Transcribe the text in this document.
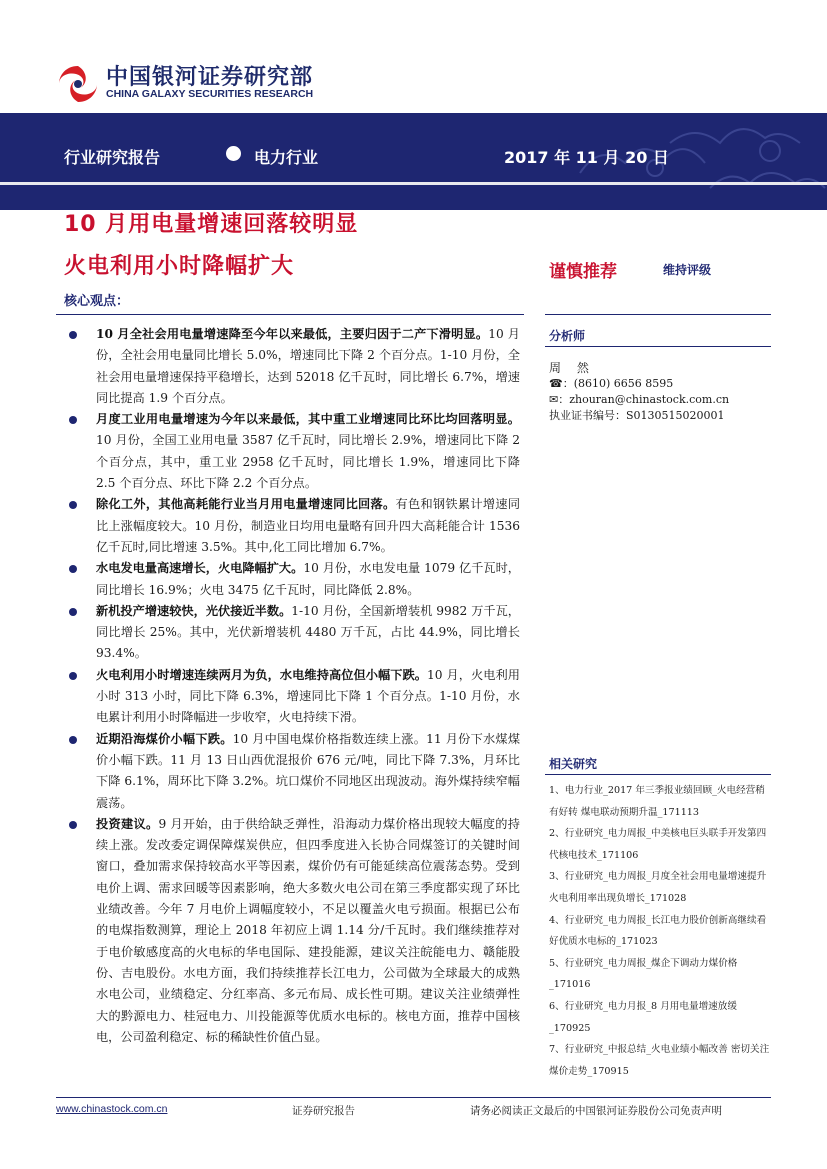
中国银河证券研究部
CHINA GALAXY SECURITIES RESEARCH
行业研究报告	电力行业	2017 年 11 月 20 日
10 月用电量增速回落较明显
火电利用小时降幅扩大	谨慎推荐	维持评级
核心观点：
10 月全社会用电量增速降至今年以来最低，主要归因于二产下滑明显。10 月份，全社会用电量同比增长 5.0%，增速同比下降 2 个百分点。1-10 月份，全社会用电量增速保持平稳增长，达到 52018 亿千瓦时，同比增长 6.7%，增速同比提高 1.9 个百分点。
月度工业用电量增速为今年以来最低，其中重工业增速同比环比均回落明显。10 月份，全国工业用电量 3587 亿千瓦时，同比增长 2.9%，增速同比下降 2 个百分点，其中，重工业 2958 亿千瓦时，同比增长 1.9%，增速同比下降 2.5 个百分点、环比下降 2.2 个百分点。
除化工外，其他高耗能行业当月用电量增速同比回落。有色和钢铁累计增速同比上涨幅度较大。10 月份，制造业日均用电量略有回升四大高耗能合计 1536 亿千瓦时,同比增速 3.5%。其中,化工同比增加 6.7%。
水电发电量高速增长，火电降幅扩大。10 月份，水电发电量 1079 亿千瓦时，同比增长 16.9%；火电 3475 亿千瓦时，同比降低 2.8%。
新机投产增速较快，光伏接近半数。1-10 月份，全国新增装机 9982 万千瓦，同比增长 25%。其中，光伏新增装机 4480 万千瓦，占比 44.9%，同比增长 93.4%。
火电利用小时增速连续两月为负，水电维持高位但小幅下跌。10 月，火电利用小时 313 小时，同比下降 6.3%，增速同比下降 1 个百分点。1-10 月份，水电累计利用小时降幅进一步收窄，火电持续下滑。
近期沿海煤价小幅下跌。10 月中国电煤价格指数连续上涨。11 月份下水煤煤价小幅下跌。11 月 13 日山西优混报价 676 元/吨，同比下降 7.3%，月环比下降 6.1%，周环比下降 3.2%。坑口煤价不同地区出现波动。海外煤持续窄幅震荡。
投资建议。9 月开始，由于供给缺乏弹性，沿海动力煤价格出现较大幅度的持续上涨。发改委定调保障煤炭供应，但四季度进入长协合同煤签订的关键时间窗口，叠加需求保持较高水平等因素，煤价仍有可能延续高位震荡态势。受到电价上调、需求回暖等因素影响，绝大多数火电公司在第三季度都实现了环比业绩改善。今年 7 月电价上调幅度较小，不足以覆盖火电亏损面。根据已公布的电煤指数测算，理论上 2018 年初应上调 1.14 分/千瓦时。我们继续推荐对于电价敏感度高的火电标的华电国际、建投能源，建议关注皖能电力、赣能股份、吉电股份。水电方面，我们持续推荐长江电力，公司做为全球最大的成熟水电公司，业绩稳定、分红率高、多元布局、成长性可期。建议关注业绩弹性大的黔源电力、桂冠电力、川投能源等优质水电标的。核电方面，推荐中国核电，公司盈利稳定、标的稀缺性价值凸显。
分析师
周 然
☎：(8610) 6656 8595
✉：zhouran@chinastock.com.cn
执业证书编号：S0130515020001
相关研究
1、电力行业_2017 年三季报业绩回顾_火电经营稍有好转 煤电联动预期升温_171113
2、行业研究_电力周报_中美核电巨头联手开发第四代核电技术_171106
3、行业研究_电力周报_月度全社会用电量增速提升 火电利用率出现负增长_171028
4、行业研究_电力周报_长江电力股价创新高继续看好优质水电标的_171023
5、行业研究_电力周报_煤企下调动力煤价格_171016
6、行业研究_电力月报_8 月用电量增速放缓_170925
7、行业研究_中报总结_火电业绩小幅改善 密切关注煤价走势_170915
www.chinastock.com.cn	证券研究报告	请务必阅读正文最后的中国银河证券股份公司免责声明
